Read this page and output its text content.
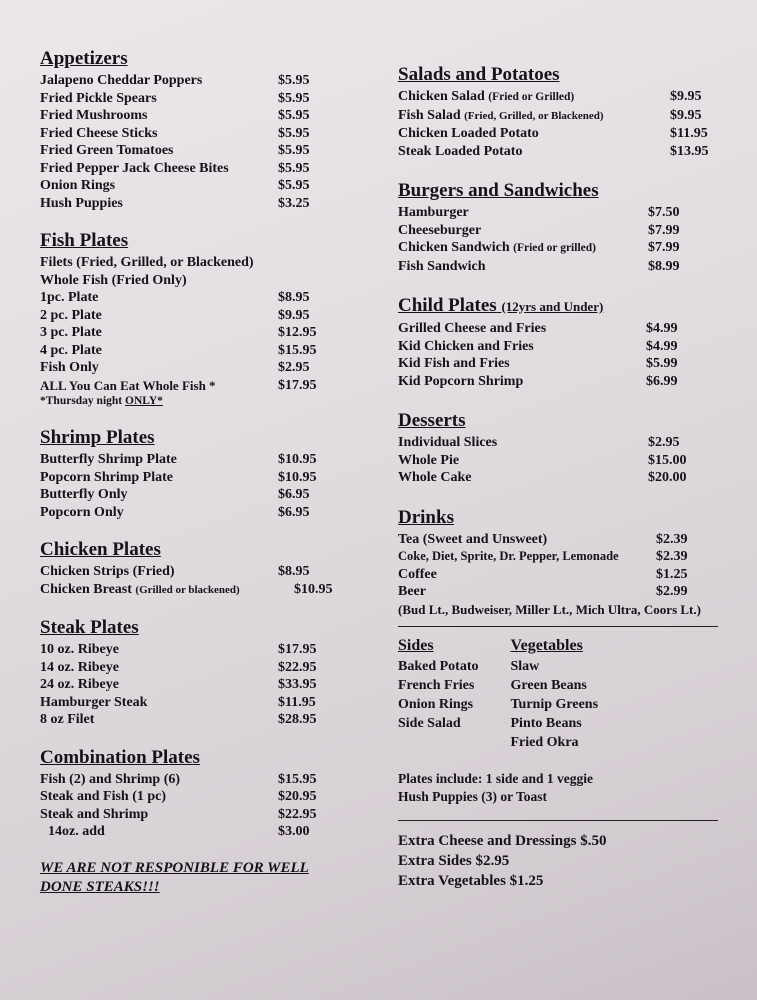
Appetizers
Jalapeno Cheddar Poppers	$5.95
Fried Pickle Spears	$5.95
Fried Mushrooms	$5.95
Fried Cheese Sticks	$5.95
Fried Green Tomatoes	$5.95
Fried Pepper Jack Cheese Bites	$5.95
Onion Rings	$5.95
Hush Puppies	$3.25
Fish Plates
Filets (Fried, Grilled, or Blackened)
Whole Fish (Fried Only)
1pc. Plate	$8.95
2 pc. Plate	$9.95
3 pc. Plate	$12.95
4 pc. Plate	$15.95
Fish Only	$2.95
ALL You Can Eat Whole Fish *	$17.95
*Thursday night ONLY*
Shrimp Plates
Butterfly Shrimp Plate	$10.95
Popcorn Shrimp Plate	$10.95
Butterfly Only	$6.95
Popcorn Only	$6.95
Chicken Plates
Chicken Strips (Fried)	$8.95
Chicken Breast (Grilled or blackened)	$10.95
Steak Plates
10 oz. Ribeye	$17.95
14 oz. Ribeye	$22.95
24 oz. Ribeye	$33.95
Hamburger Steak	$11.95
8 oz Filet	$28.95
Combination Plates
Fish (2) and Shrimp (6)	$15.95
Steak and Fish (1 pc)	$20.95
Steak and Shrimp	$22.95
14oz. add	$3.00
WE ARE NOT RESPONIBLE FOR WELL DONE STEAKS!!!
Salads and Potatoes
Chicken Salad (Fried or Grilled)	$9.95
Fish Salad (Fried, Grilled, or Blackened)	$9.95
Chicken Loaded Potato	$11.95
Steak Loaded Potato	$13.95
Burgers and Sandwiches
Hamburger	$7.50
Cheeseburger	$7.99
Chicken Sandwich (Fried or grilled)	$7.99
Fish Sandwich	$8.99
Child Plates (12yrs and Under)
Grilled Cheese and Fries	$4.99
Kid Chicken and Fries	$4.99
Kid Fish and Fries	$5.99
Kid Popcorn Shrimp	$6.99
Desserts
Individual Slices	$2.95
Whole Pie	$15.00
Whole Cake	$20.00
Drinks
Tea (Sweet and Unsweet)	$2.39
Coke, Diet, Sprite, Dr. Pepper, Lemonade	$2.39
Coffee	$1.25
Beer	$2.99
(Bud Lt., Budweiser, Miller Lt., Mich Ultra, Coors Lt.)
Sides
Baked Potato
French Fries
Onion Rings
Side Salad
Vegetables
Slaw
Green Beans
Turnip Greens
Pinto Beans
Fried Okra
Plates include: 1 side and 1 veggie
Hush Puppies (3) or Toast
Extra Cheese and Dressings $.50
Extra Sides $2.95
Extra Vegetables $1.25
